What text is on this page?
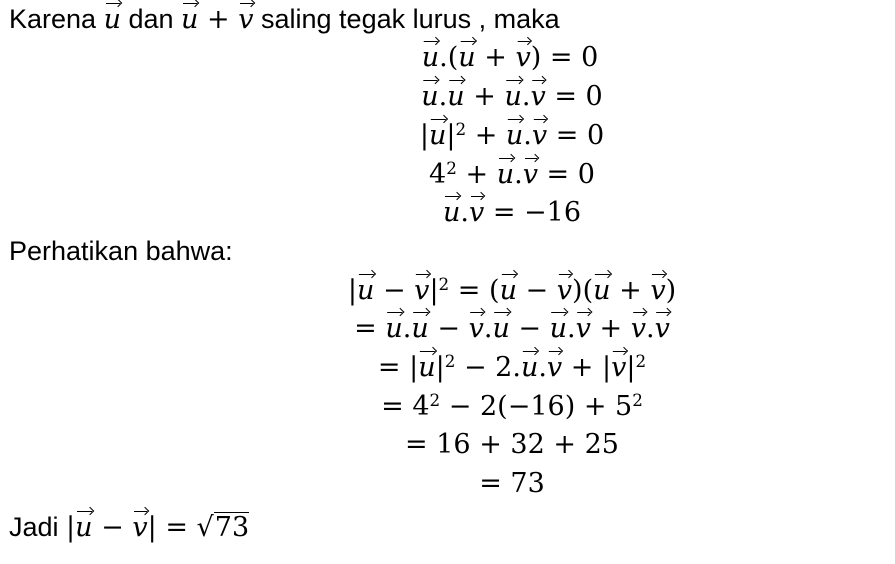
Karena u dan u + v saling tegak lurus , maka
u.(u + v) = 0
u.u + u.v = 0
$|u|^2 + u.v = 0$
$4^2 + u.v = 0$
u.v = −16
Perhatikan bahwa:
$|u - v|^2 = (u - v)(u + v)$
= u.u − v.u − u.v + v.v
= $|u|^2 - 2.u.v + |v|^2$
= $4^2 - 2(-16) + 5^2$
= 16 + 32 + 25
= 73
Jadi |u − v| = √73
